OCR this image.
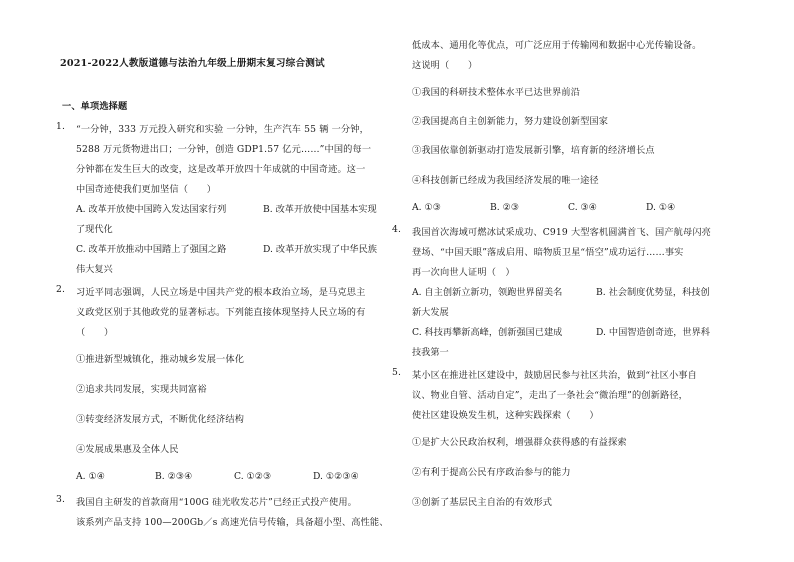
2021-2022人教版道德与法治九年级上册期末复习综合测试
一、单项选择题
1. “一分钟，333 万元投入研究和实验 一分钟，生产汽车 55 辆 一分钟，
5288 万元货物进出口；一分钟，创造 GDP1.57 亿元……”中国的每一
分钟都在发生巨大的改变，这是改革开放四十年成就的中国奇迹。这一
中国奇迹使我们更加坚信（　　）
A. 改革开放使中国跨入发达国家行列	B. 改革开放使中国基本实现
了现代化
C. 改革开放推动中国踏上了强国之路	D. 改革开放实现了中华民族
伟大复兴
2. 习近平同志强调，人民立场是中国共产党的根本政治立场，是马克思主
义政党区别于其他政党的显著标志。下列能直接体现坚持人民立场的有
（　　）
①推进新型城镇化，推动城乡发展一体化
②追求共同发展，实现共同富裕
③转变经济发展方式，不断优化经济结构
④发展成果惠及全体人民
A. ①④	B. ②③④	C. ①②③	D. ①②③④
3. 我国自主研发的首款商用“100G 硅光收发芯片”已经正式投产使用。
该系列产品支持 100—200Gb／s 高速光信号传输，具备超小型、高性能、
低成本、通用化等优点，可广泛应用于传输网和数据中心光传输设备。
这说明（　　）
①我国的科研技术整体水平已达世界前沿
②我国提高自主创新能力，努力建设创新型国家
③我国依靠创新驱动打造发展新引擎，培育新的经济增长点
④科技创新已经成为我国经济发展的唯一途径
A. ①③	B. ②③	C. ③④	D. ①④
4. 我国首次海域可燃冰试采成功、C919 大型客机圆满首飞、国产航母闪亮
登场、“中国天眼”落成启用、暗物质卫星“悟空”成功运行……事实
再一次向世人证明（　）
A. 自主创新立新功，领跑世界留美名	B. 社会制度优势显，科技创
新大发展
C. 科技再攀新高峰，创新强国已建成	D. 中国智造创奇迹，世界科
技我第一
5. 某小区在推进社区建设中，鼓励居民参与社区共治，做到“社区小事自
议、物业自管、活动自定”，走出了一条社会“微治理”的创新路径，
使社区建设焕发生机，这种实践探索（　　）
①是扩大公民政治权利，增强群众获得感的有益探索
②有利于提高公民有序政治参与的能力
③创新了基层民主自治的有效形式
